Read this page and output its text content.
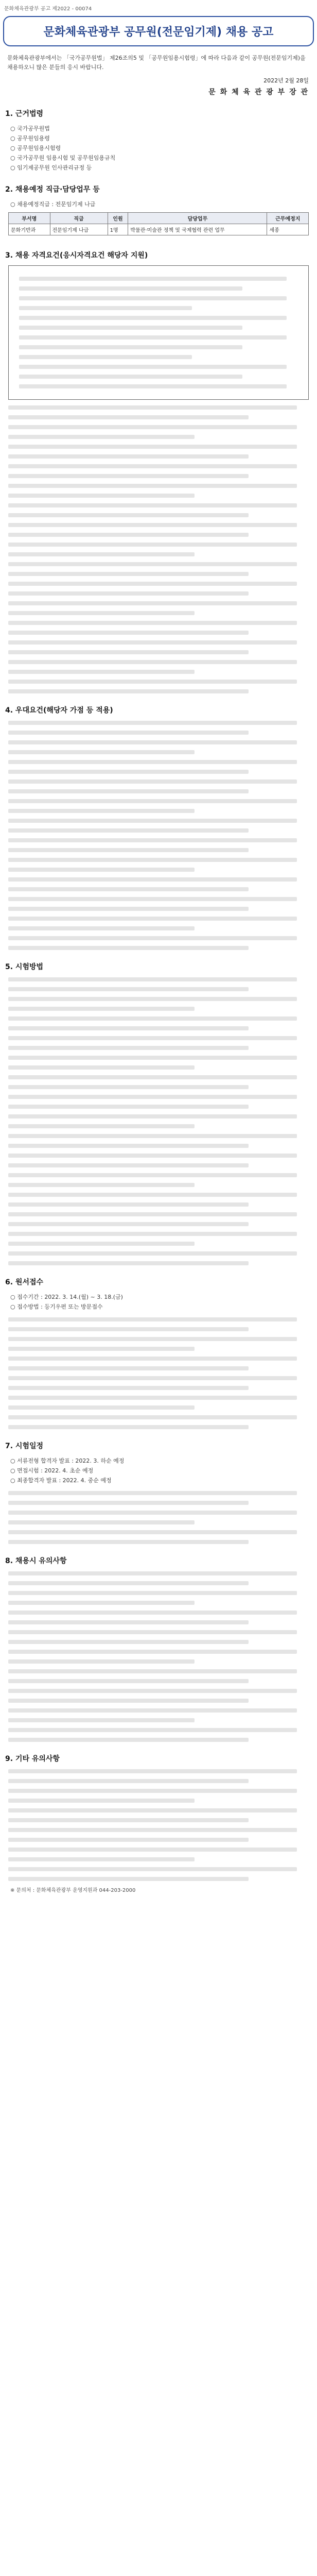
문화체육관광부 공고 제2022 - 00074
문화체육관광부 공무원(전문임기제) 채용 공고
문화체육관광부에서는 「국가공무원법」 제26조의5 및 「공무원임용시험령」에 따라 다음과 같이 공무원(전문임기제)을 채용하오니 많은 분들의 응시 바랍니다.
2022년 2월 28일
문 화 체 육 관 광 부 장 관
1. 근거법령
○ 국가공무원법
○ 공무원임용령
○ 공무원임용시험령
○ 국가공무원 임용시험 및 공무원임용규칙
○ 임기제공무원 인사관리규정 등
2. 채용예정 직급·담당업무 등
○ 채용예정직급 : 전문임기제 나급
부서명	직급	인원	담당업무	근무예정지
문화기반과	전문임기제 나급	1명	박물관·미술관 정책 및 국제협력 관련 업무	세종
3. 채용 자격요건(응시자격요건 해당자 지원)
4. 우대요건(해당자 가점 등 적용)
5. 시험방법
6. 원서접수
○ 접수기간 : 2022. 3. 14.(월) ~ 3. 18.(금)
○ 접수방법 : 등기우편 또는 방문접수
7. 시험일정
○ 서류전형 합격자 발표 : 2022. 3. 하순 예정
○ 면접시험 : 2022. 4. 초순 예정
○ 최종합격자 발표 : 2022. 4. 중순 예정
8. 채용시 유의사항
9. 기타 유의사항
※ 문의처 : 문화체육관광부 운영지원과 044-203-2000
